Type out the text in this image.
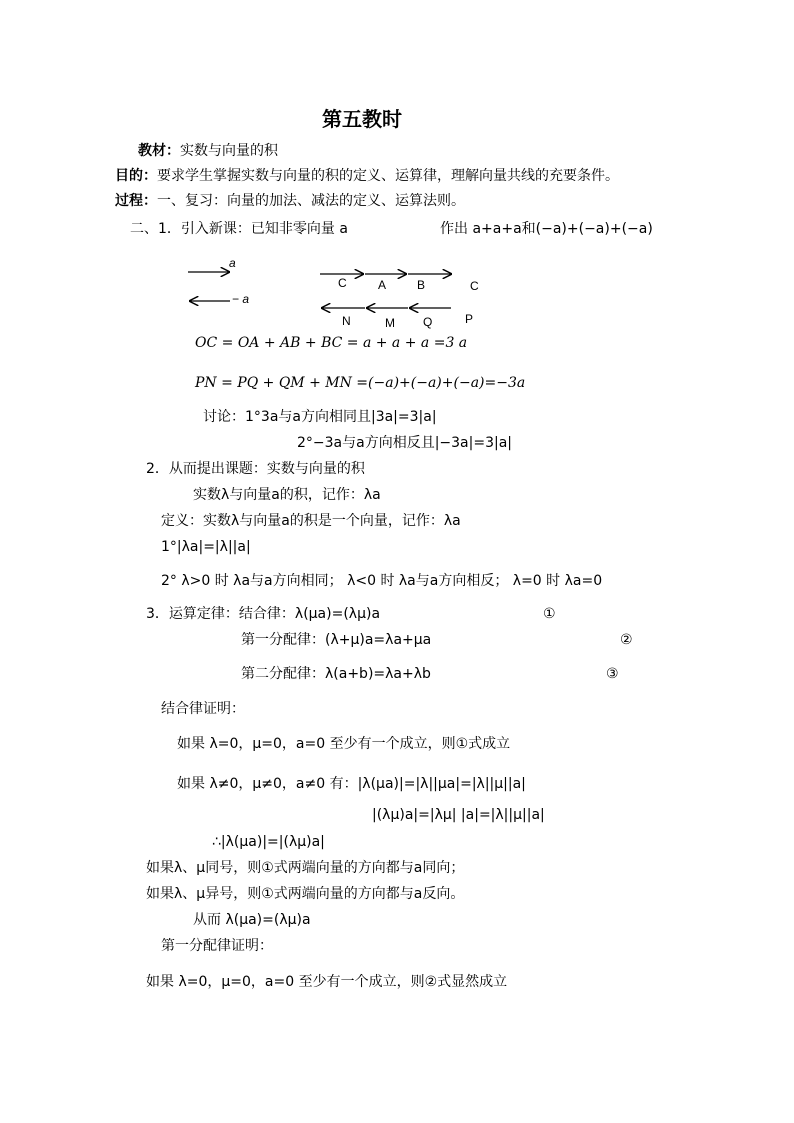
第五教时
教材：实数与向量的积
目的：要求学生掌握实数与向量的积的定义、运算律，理解向量共线的充要条件。
过程：一、复习：向量的加法、减法的定义、运算法则。
二、1．引入新课：已知非零向量 a	作出 a+a+a和(−a)+(−a)+(−a)
a
− a
C	A	B	C
N	M Q	P
OC = OA + AB + BC = a + a + a =3 a
PN = PQ + QM + MN =(−a)+(−a)+(−a)=−3a
讨论：1°3a与a方向相同且|3a|=3|a|
2°−3a与a方向相反且|−3a|=3|a|
2．从而提出课题：实数与向量的积
实数λ与向量a的积，记作：λa
定义：实数λ与向量a的积是一个向量，记作：λa
1°|λa|=|λ||a|
2° λ>0 时 λa与a方向相同； λ<0 时 λa与a方向相反； λ=0 时 λa=0
3．运算定律：结合律：λ(μa)=(λμ)a	①
第一分配律：(λ+μ)a=λa+μa	②
第二分配律：λ(a+b)=λa+λb	③
结合律证明：
如果 λ=0，μ=0，a=0 至少有一个成立，则①式成立
如果 λ≠0，μ≠0，a≠0 有：|λ(μa)|=|λ||μa|=|λ||μ||a|
|(λμ)a|=|λμ| |a|=|λ||μ||a|
∴|λ(μa)|=|(λμ)a|
如果λ、μ同号，则①式两端向量的方向都与a同向；
如果λ、μ异号，则①式两端向量的方向都与a反向。
从而 λ(μa)=(λμ)a
第一分配律证明：
如果 λ=0，μ=0，a=0 至少有一个成立，则②式显然成立
